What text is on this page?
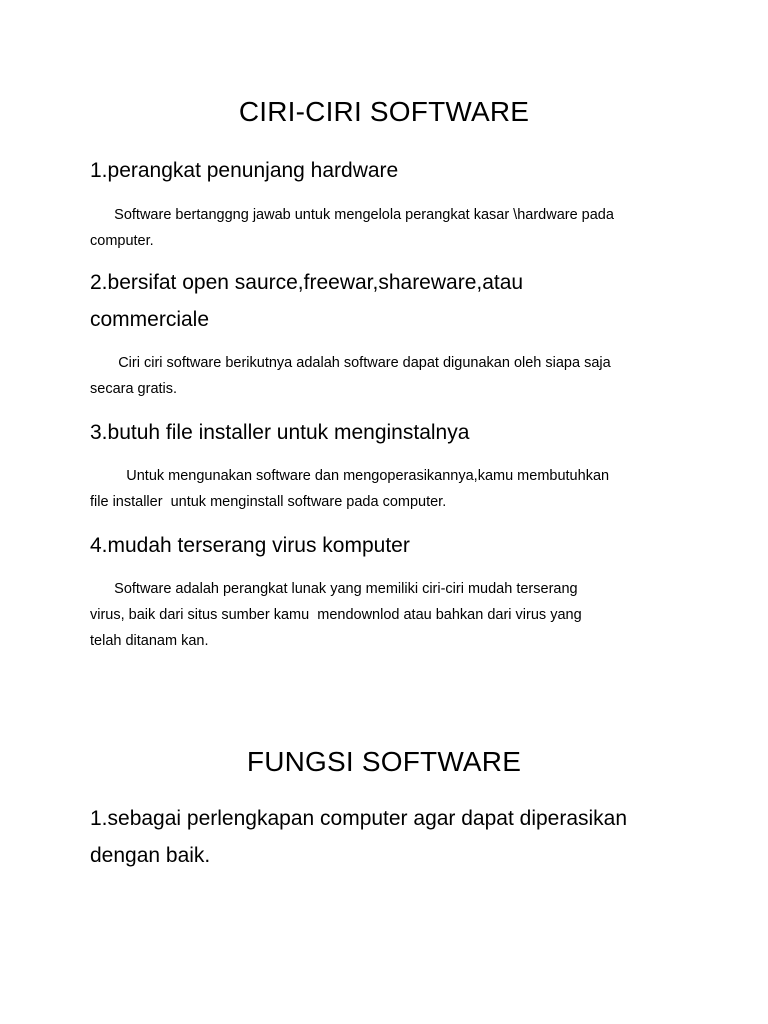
CIRI-CIRI SOFTWARE
1.perangkat penunjang hardware
Software bertanggng jawab untuk mengelola perangkat kasar \hardware pada
computer.
2.bersifat open saurce,freewar,shareware,atau
commerciale
Ciri ciri software berikutnya adalah software dapat digunakan oleh siapa saja
secara gratis.
3.butuh file installer untuk menginstalnya
Untuk mengunakan software dan mengoperasikannya,kamu membutuhkan
file installer  untuk menginstall software pada computer.
4.mudah terserang virus komputer
Software adalah perangkat lunak yang memiliki ciri-ciri mudah terserang
virus, baik dari situs sumber kamu  mendownlod atau bahkan dari virus yang
telah ditanam kan.
FUNGSI SOFTWARE
1.sebagai perlengkapan computer agar dapat diperasikan
dengan baik.
